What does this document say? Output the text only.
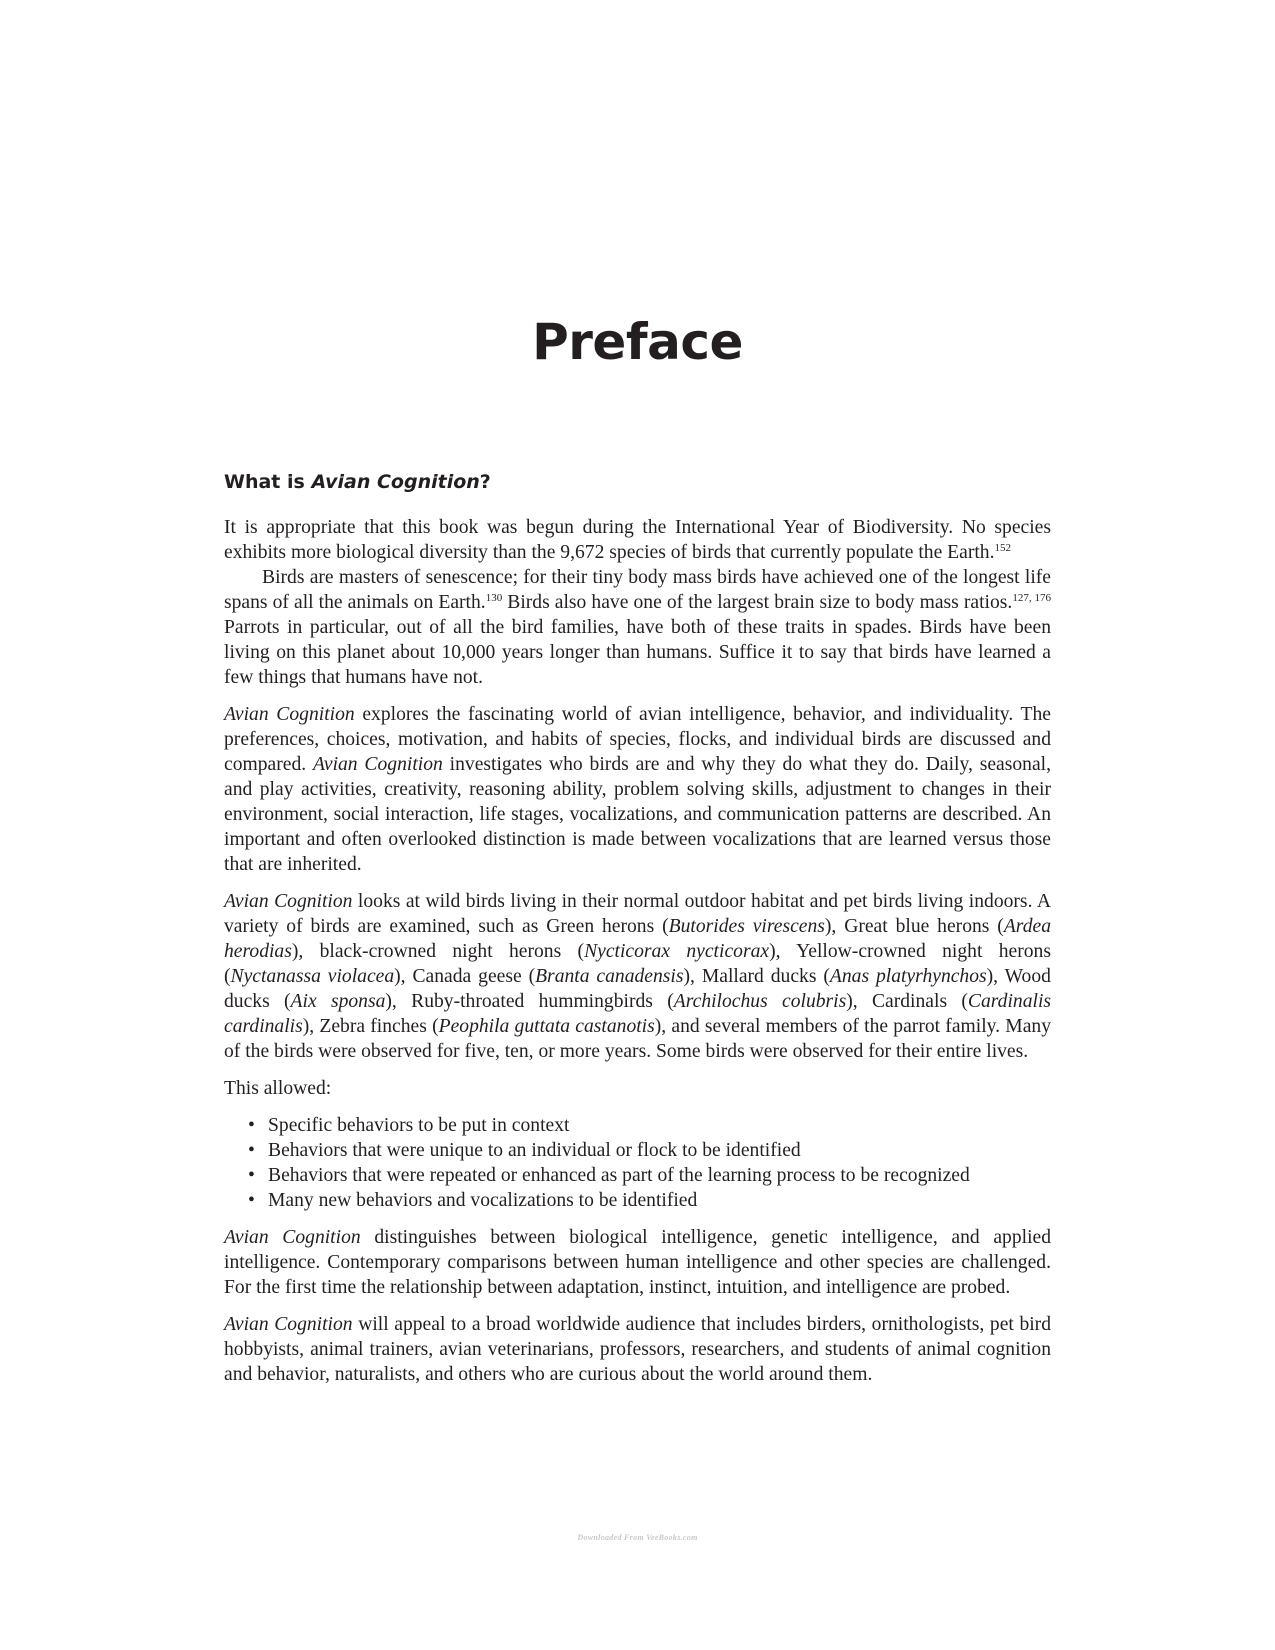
Preface
What is Avian Cognition?

It is appropriate that this book was begun during the International Year of Biodiversity. No species exhibits more biological diversity than the 9,672 species of birds that currently populate the Earth.$^{152}$

Birds are masters of senescence; for their tiny body mass birds have achieved one of the longest life spans of all the animals on Earth.$^{130}$ Birds also have one of the largest brain size to body mass ratios.$^{127, 176}$ Parrots in particular, out of all the bird families, have both of these traits in spades. Birds have been living on this planet about 10,000 years longer than humans. Suffice it to say that birds have learned a few things that humans have not.

Avian Cognition explores the fascinating world of avian intelligence, behavior, and individuality. The preferences, choices, motivation, and habits of species, flocks, and individual birds are discussed and compared. Avian Cognition investigates who birds are and why they do what they do. Daily, seasonal, and play activities, creativity, reasoning ability, problem solving skills, adjustment to changes in their environment, social interaction, life stages, vocalizations, and communication patterns are described. An important and often overlooked distinction is made between vocalizations that are learned versus those that are inherited.

Avian Cognition looks at wild birds living in their normal outdoor habitat and pet birds living indoors. A variety of birds are examined, such as Green herons (Butorides virescens), Great blue herons (Ardea herodias), black-crowned night herons (Nycticorax nycticorax), Yellow-crowned night herons (Nyctanassa violacea), Canada geese (Branta canadensis), Mallard ducks (Anas platyrhynchos), Wood ducks (Aix sponsa), Ruby-throated hummingbirds (Archilochus colubris), Cardinals (Cardinalis cardinalis), Zebra finches (Peophila guttata castanotis), and several members of the parrot family. Many of the birds were observed for five, ten, or more years. Some birds were observed for their entire lives.

This allowed:

• Specific behaviors to be put in context
• Behaviors that were unique to an individual or flock to be identified
• Behaviors that were repeated or enhanced as part of the learning process to be recognized
• Many new behaviors and vocalizations to be identified

Avian Cognition distinguishes between biological intelligence, genetic intelligence, and applied intelligence. Contemporary comparisons between human intelligence and other species are challenged. For the first time the relationship between adaptation, instinct, intuition, and intelligence are probed.

Avian Cognition will appeal to a broad worldwide audience that includes birders, ornithologists, pet bird hobbyists, animal trainers, avian veterinarians, professors, researchers, and students of animal cognition and behavior, naturalists, and others who are curious about the world around them.

Downloaded From VeeBooks.com
